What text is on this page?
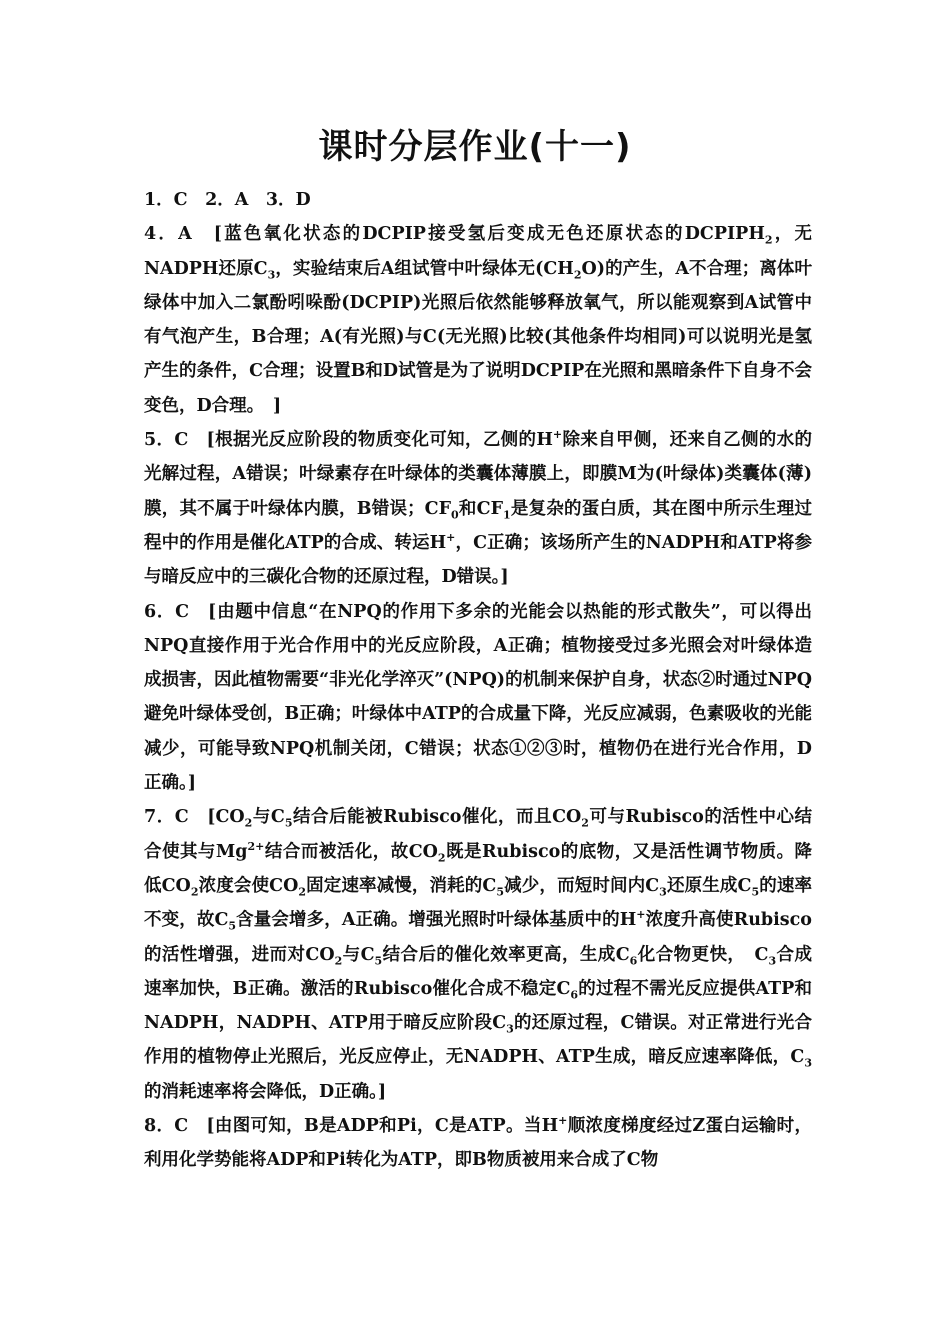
课时分层作业(十一)

1．C　2．A　3．D

4．A　[蓝色氧化状态的DCPIP接受氢后变成无色还原状态的$DCPIPH_2$，无NADPH还原$C_3$，实验结束后A组试管中叶绿体无$(CH_2O)$的产生，A不合理；离体叶绿体中加入二氯酚吲哚酚(DCPIP)光照后依然能够释放氧气，所以能观察到A试管中有气泡产生，B合理；A(有光照)与C(无光照)比较(其他条件均相同)可以说明光是氢产生的条件，C合理；设置B和D试管是为了说明DCPIP在光照和黑暗条件下自身不会变色，D合理。　]

5．C　[根据光反应阶段的物质变化可知，乙侧的H+除来自甲侧，还来自乙侧的水的光解过程，A错误；叶绿素存在叶绿体的类囊体薄膜上，即膜M为(叶绿体)类囊体(薄)膜，其不属于叶绿体内膜，B错误；$CF_0$和$CF_1$是复杂的蛋白质，其在图中所示生理过程中的作用是催化ATP的合成、转运H+，C正确；该场所产生的NADPH和ATP将参与暗反应中的三碳化合物的还原过程，D错误。]

6．C　[由题中信息“在NPQ的作用下多余的光能会以热能的形式散失”，可以得出NPQ直接作用于光合作用中的光反应阶段，A正确；植物接受过多光照会对叶绿体造成损害，因此植物需要“非光化学淬灭”(NPQ)的机制来保护自身，状态②时通过NPQ避免叶绿体受创，B正确；叶绿体中ATP的合成量下降，光反应减弱，色素吸收的光能减少，可能导致NPQ机制关闭，C错误；状态①②③时，植物仍在进行光合作用，D正确。]

7．C　[$CO_2$与$C_5$结合后能被Rubisco催化，而且$CO_2$可与Rubisco的活性中心结合使其与$Mg^{2+}$结合而被活化，故$CO_2$既是Rubisco的底物，又是活性调节物质。降低$CO_2$浓度会使$CO_2$固定速率减慢，消耗的$C_5$减少，而短时间内$C_3$还原生成$C_5$的速率不变，故$C_5$含量会增多，A正确。增强光照时叶绿体基质中的H+浓度升高使Rubisco的活性增强，进而对$CO_2$与$C_5$结合后的催化效率更高，生成$C_6$化合物更快，　$C_3$合成速率加快，B正确。激活的Rubisco催化合成不稳定$C_6$的过程不需光反应提供ATP和NADPH，NADPH、ATP用于暗反应阶段$C_3$的还原过程，C错误。对正常进行光合作用的植物停止光照后，光反应停止，无NADPH、ATP生成，暗反应速率降低，$C_3$的消耗速率将会降低，D正确。]

8．C　[由图可知，B是ADP和Pi，C是ATP。当H+顺浓度梯度经过Z蛋白运输时，利用化学势能将ADP和Pi转化为ATP，即B物质被用来合成了C物
